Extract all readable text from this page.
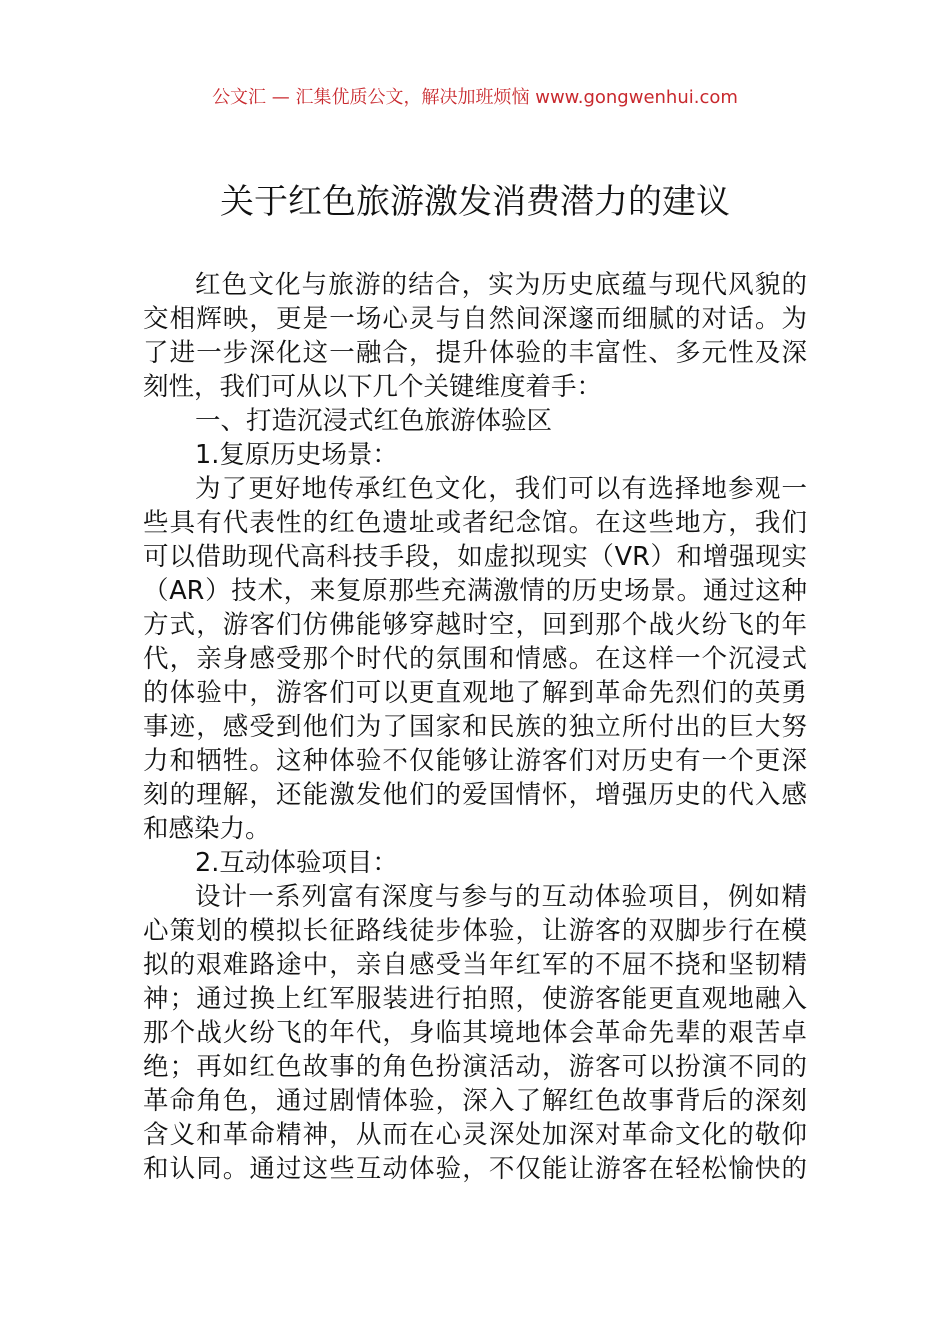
公文汇 — 汇集优质公文，解决加班烦恼 www.gongwenhui.com
关于红色旅游激发消费潜力的建议
红色文化与旅游的结合，实为历史底蕴与现代风貌的
交相辉映，更是一场心灵与自然间深邃而细腻的对话。为
了进一步深化这一融合，提升体验的丰富性、多元性及深
刻性，我们可从以下几个关键维度着手：
一、打造沉浸式红色旅游体验区
1.复原历史场景：
为了更好地传承红色文化，我们可以有选择地参观一
些具有代表性的红色遗址或者纪念馆。在这些地方，我们
可以借助现代高科技手段，如虚拟现实（VR）和增强现实
（AR）技术，来复原那些充满激情的历史场景。通过这种
方式，游客们仿佛能够穿越时空，回到那个战火纷飞的年
代，亲身感受那个时代的氛围和情感。在这样一个沉浸式
的体验中，游客们可以更直观地了解到革命先烈们的英勇
事迹，感受到他们为了国家和民族的独立所付出的巨大努
力和牺牲。这种体验不仅能够让游客们对历史有一个更深
刻的理解，还能激发他们的爱国情怀，增强历史的代入感
和感染力。
2.互动体验项目：
设计一系列富有深度与参与的互动体验项目，例如精
心策划的模拟长征路线徒步体验，让游客的双脚步行在模
拟的艰难路途中，亲自感受当年红军的不屈不挠和坚韧精
神；通过换上红军服装进行拍照，使游客能更直观地融入
那个战火纷飞的年代，身临其境地体会革命先辈的艰苦卓
绝；再如红色故事的角色扮演活动，游客可以扮演不同的
革命角色，通过剧情体验，深入了解红色故事背后的深刻
含义和革命精神，从而在心灵深处加深对革命文化的敬仰
和认同。通过这些互动体验，不仅能让游客在轻松愉快的
